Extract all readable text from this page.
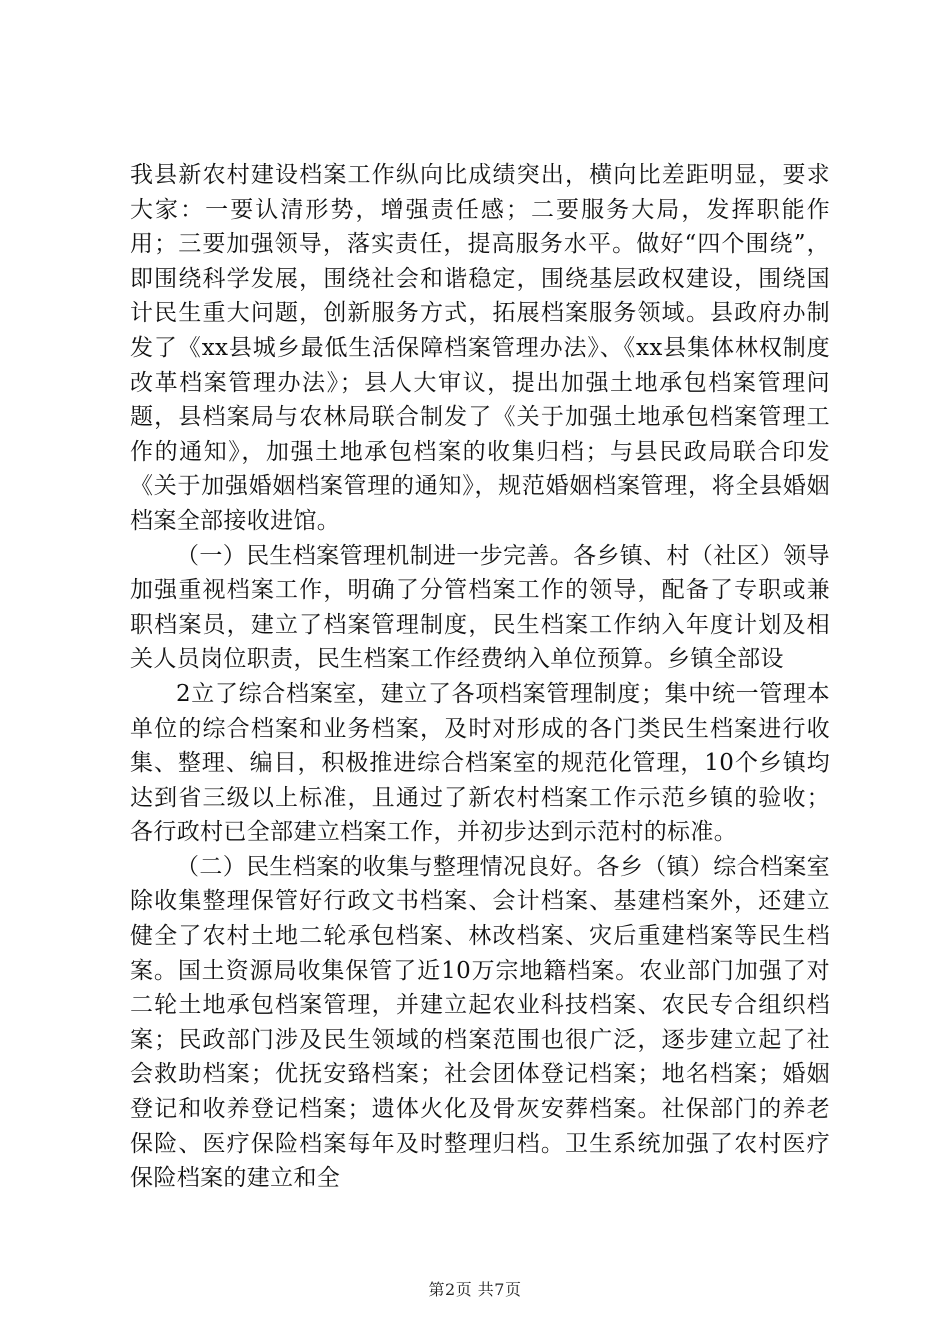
我县新农村建设档案工作纵向比成绩突出，横向比差距明显，要求大家：一要认清形势，增强责任感；二要服务大局，发挥职能作用；三要加强领导，落实责任，提高服务水平。做好“四个围绕”，即围绕科学发展，围绕社会和谐稳定，围绕基层政权建设，围绕国计民生重大问题，创新服务方式，拓展档案服务领域。县政府办制发了《xx县城乡最低生活保障档案管理办法》、《xx县集体林权制度改革档案管理办法》；县人大审议，提出加强土地承包档案管理问题，县档案局与农林局联合制发了《关于加强土地承包档案管理工作的通知》，加强土地承包档案的收集归档；与县民政局联合印发《关于加强婚姻档案管理的通知》，规范婚姻档案管理，将全县婚姻档案全部接收进馆。

（一）民生档案管理机制进一步完善。各乡镇、村（社区）领导加强重视档案工作，明确了分管档案工作的领导，配备了专职或兼职档案员，建立了档案管理制度，民生档案工作纳入年度计划及相关人员岗位职责，民生档案工作经费纳入单位预算。乡镇全部设

2立了综合档案室，建立了各项档案管理制度；集中统一管理本单位的综合档案和业务档案，及时对形成的各门类民生档案进行收集、整理、编目，积极推进综合档案室的规范化管理，10个乡镇均达到省三级以上标准，且通过了新农村档案工作示范乡镇的验收；各行政村已全部建立档案工作，并初步达到示范村的标准。

（二）民生档案的收集与整理情况良好。各乡（镇）综合档案室除收集整理保管好行政文书档案、会计档案、基建档案外，还建立健全了农村土地二轮承包档案、林改档案、灾后重建档案等民生档案。国土资源局收集保管了近10万宗地籍档案。农业部门加强了对二轮土地承包档案管理，并建立起农业科技档案、农民专合组织档案；民政部门涉及民生领域的档案范围也很广泛，逐步建立起了社会救助档案；优抚安臵档案；社会团体登记档案；地名档案；婚姻登记和收养登记档案；遗体火化及骨灰安葬档案。社保部门的养老保险、医疗保险档案每年及时整理归档。卫生系统加强了农村医疗保险档案的建立和全

第2页 共7页
